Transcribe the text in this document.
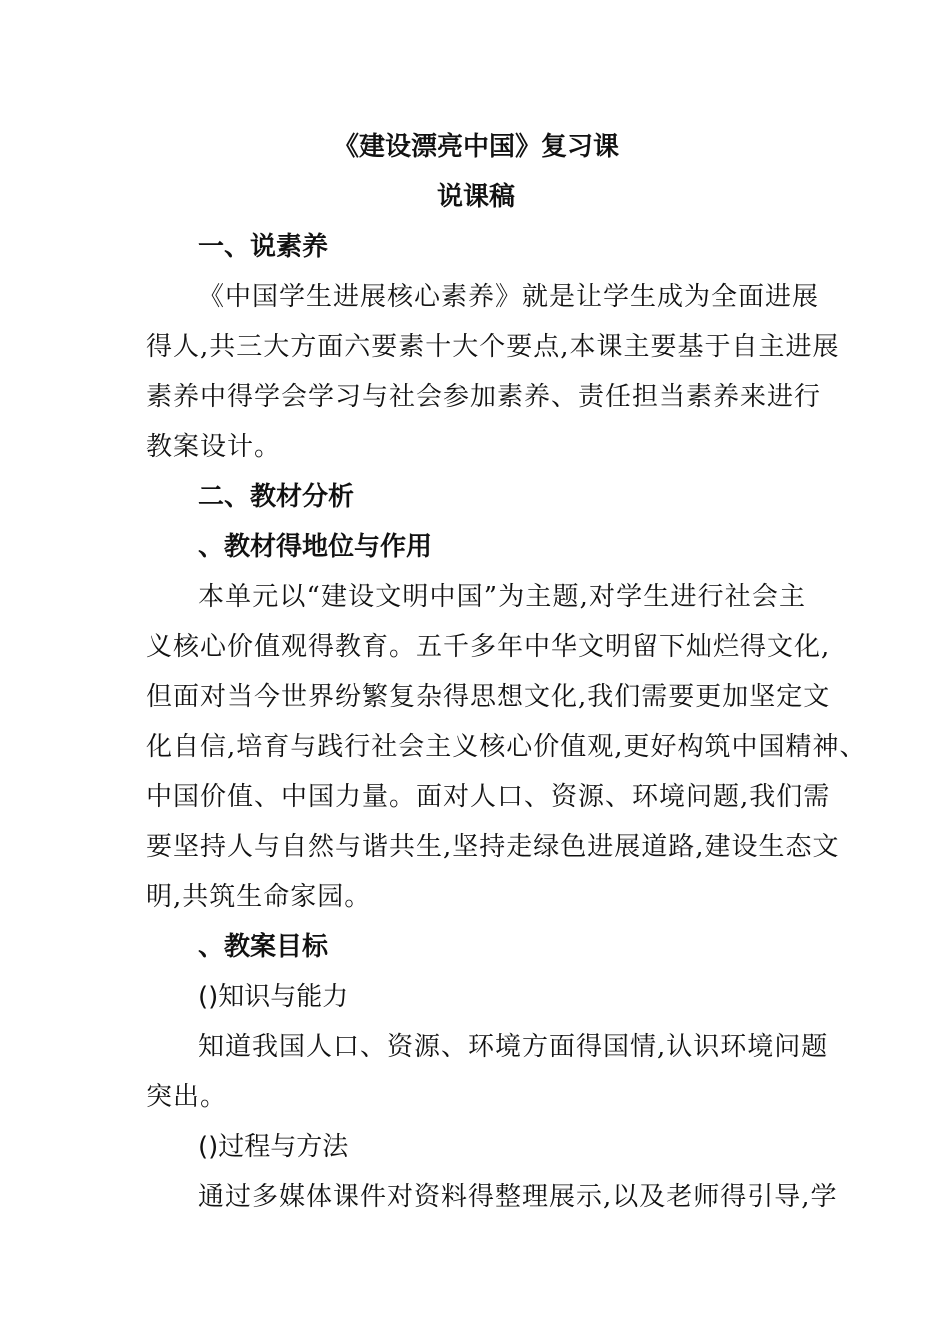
《建设漂亮中国》复习课
说课稿
一、说素养
《中国学生进展核心素养》就是让学生成为全面进展
得人,共三大方面六要素十大个要点,本课主要基于自主进展
素养中得学会学习与社会参加素养、责任担当素养来进行
教案设计。
二、教材分析
、教材得地位与作用
本单元以“建设文明中国”为主题,对学生进行社会主
义核心价值观得教育。五千多年中华文明留下灿烂得文化,
但面对当今世界纷繁复杂得思想文化,我们需要更加坚定文
化自信,培育与践行社会主义核心价值观,更好构筑中国精神、
中国价值、中国力量。面对人口、资源、环境问题,我们需
要坚持人与自然与谐共生,坚持走绿色进展道路,建设生态文
明,共筑生命家园。
、教案目标
()知识与能力
知道我国人口、资源、环境方面得国情,认识环境问题
突出。
()过程与方法
通过多媒体课件对资料得整理展示,以及老师得引导,学
